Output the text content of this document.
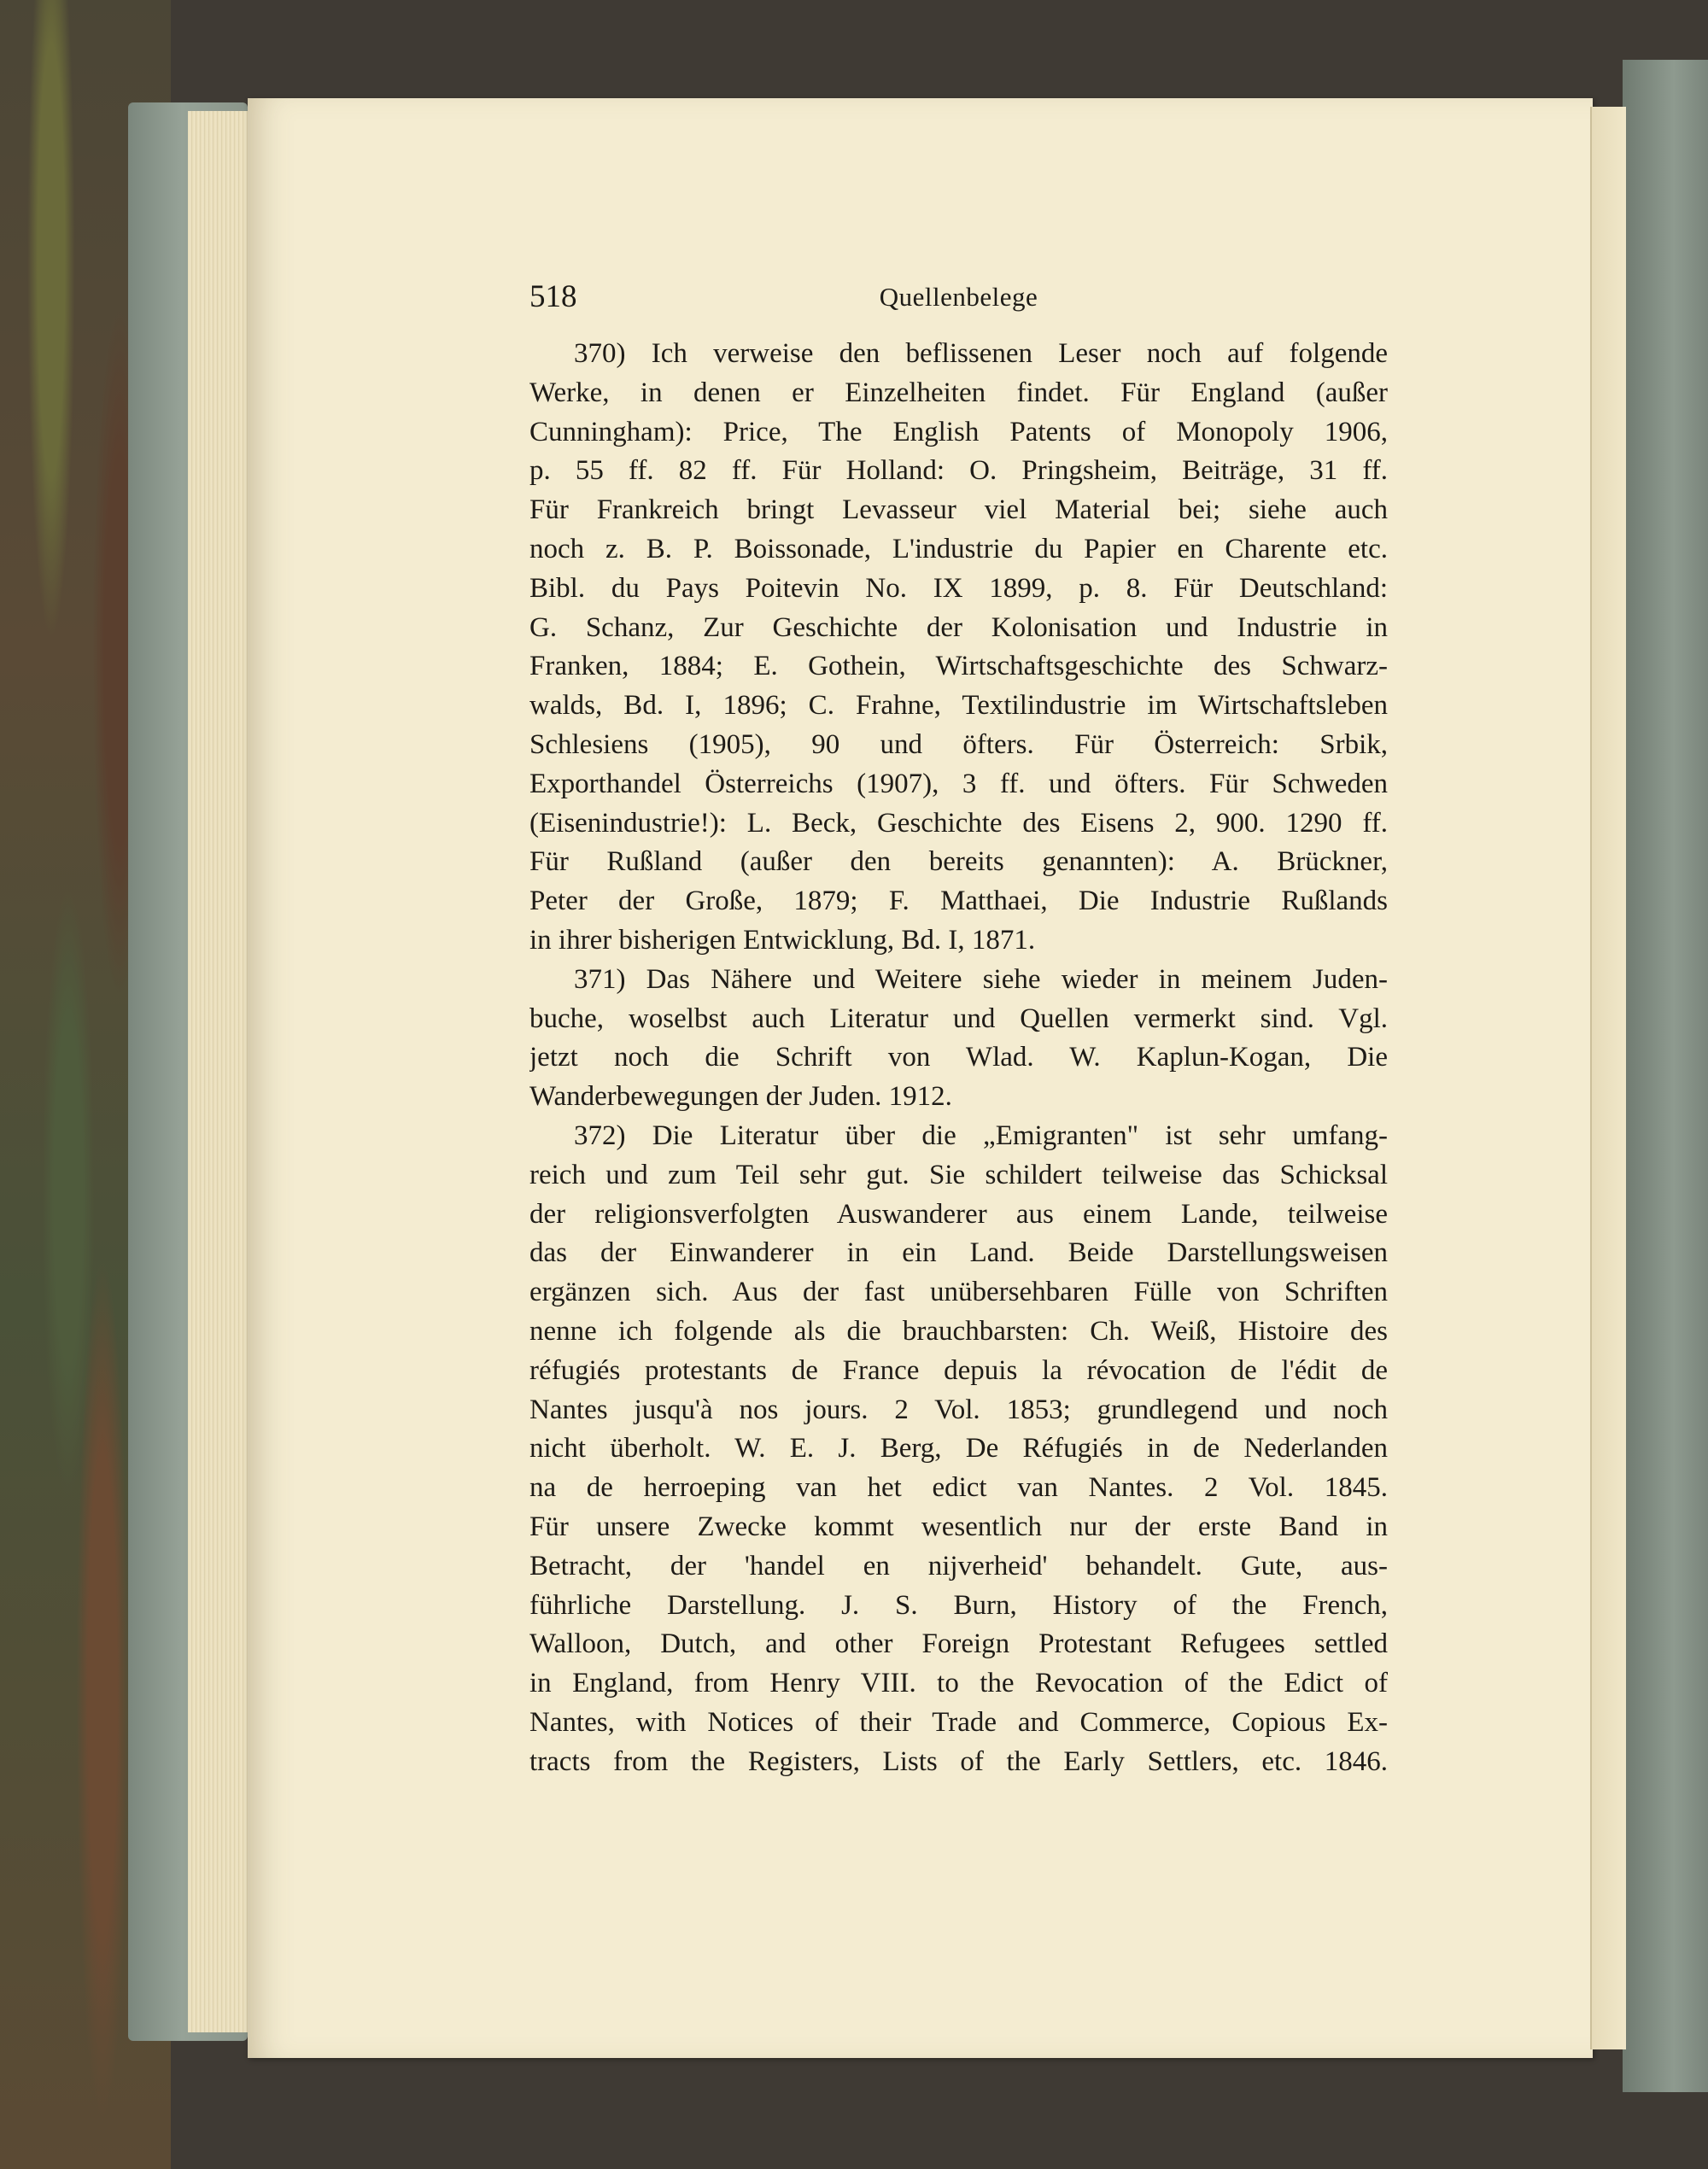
518	Quellenbelege
370) Ich verweise den beflissenen Leser noch auf folgende
Werke, in denen er Einzelheiten findet. Für England (außer
Cunningham): Price, The English Patents of Monopoly 1906,
p. 55 ff. 82 ff. Für Holland: O. Pringsheim, Beiträge, 31 ff.
Für Frankreich bringt Levasseur viel Material bei; siehe auch
noch z. B. P. Boissonade, L'industrie du Papier en Charente etc.
Bibl. du Pays Poitevin No. IX 1899, p. 8. Für Deutschland:
G. Schanz, Zur Geschichte der Kolonisation und Industrie in
Franken, 1884; E. Gothein, Wirtschaftsgeschichte des Schwarz-
walds, Bd. I, 1896; C. Frahne, Textilindustrie im Wirtschaftsleben
Schlesiens (1905), 90 und öfters. Für Österreich: Srbik,
Exporthandel Österreichs (1907), 3 ff. und öfters. Für Schweden
(Eisenindustrie!): L. Beck, Geschichte des Eisens 2, 900. 1290 ff.
Für Rußland (außer den bereits genannten): A. Brückner,
Peter der Große, 1879; F. Matthaei, Die Industrie Rußlands
in ihrer bisherigen Entwicklung, Bd. I, 1871.
371) Das Nähere und Weitere siehe wieder in meinem Juden-
buche, woselbst auch Literatur und Quellen vermerkt sind. Vgl.
jetzt noch die Schrift von Wlad. W. Kaplun-Kogan, Die
Wanderbewegungen der Juden. 1912.
372) Die Literatur über die „Emigranten" ist sehr umfang-
reich und zum Teil sehr gut. Sie schildert teilweise das Schicksal
der religionsverfolgten Auswanderer aus einem Lande, teilweise
das der Einwanderer in ein Land. Beide Darstellungsweisen
ergänzen sich. Aus der fast unübersehbaren Fülle von Schriften
nenne ich folgende als die brauchbarsten: Ch. Weiß, Histoire des
réfugiés protestants de France depuis la révocation de l'édit de
Nantes jusqu'à nos jours. 2 Vol. 1853; grundlegend und noch
nicht überholt. W. E. J. Berg, De Réfugiés in de Nederlanden
na de herroeping van het edict van Nantes. 2 Vol. 1845.
Für unsere Zwecke kommt wesentlich nur der erste Band in
Betracht, der 'handel en nijverheid' behandelt. Gute, aus-
führliche Darstellung. J. S. Burn, History of the French,
Walloon, Dutch, and other Foreign Protestant Refugees settled
in England, from Henry VIII. to the Revocation of the Edict of
Nantes, with Notices of their Trade and Commerce, Copious Ex-
tracts from the Registers, Lists of the Early Settlers, etc. 1846.
